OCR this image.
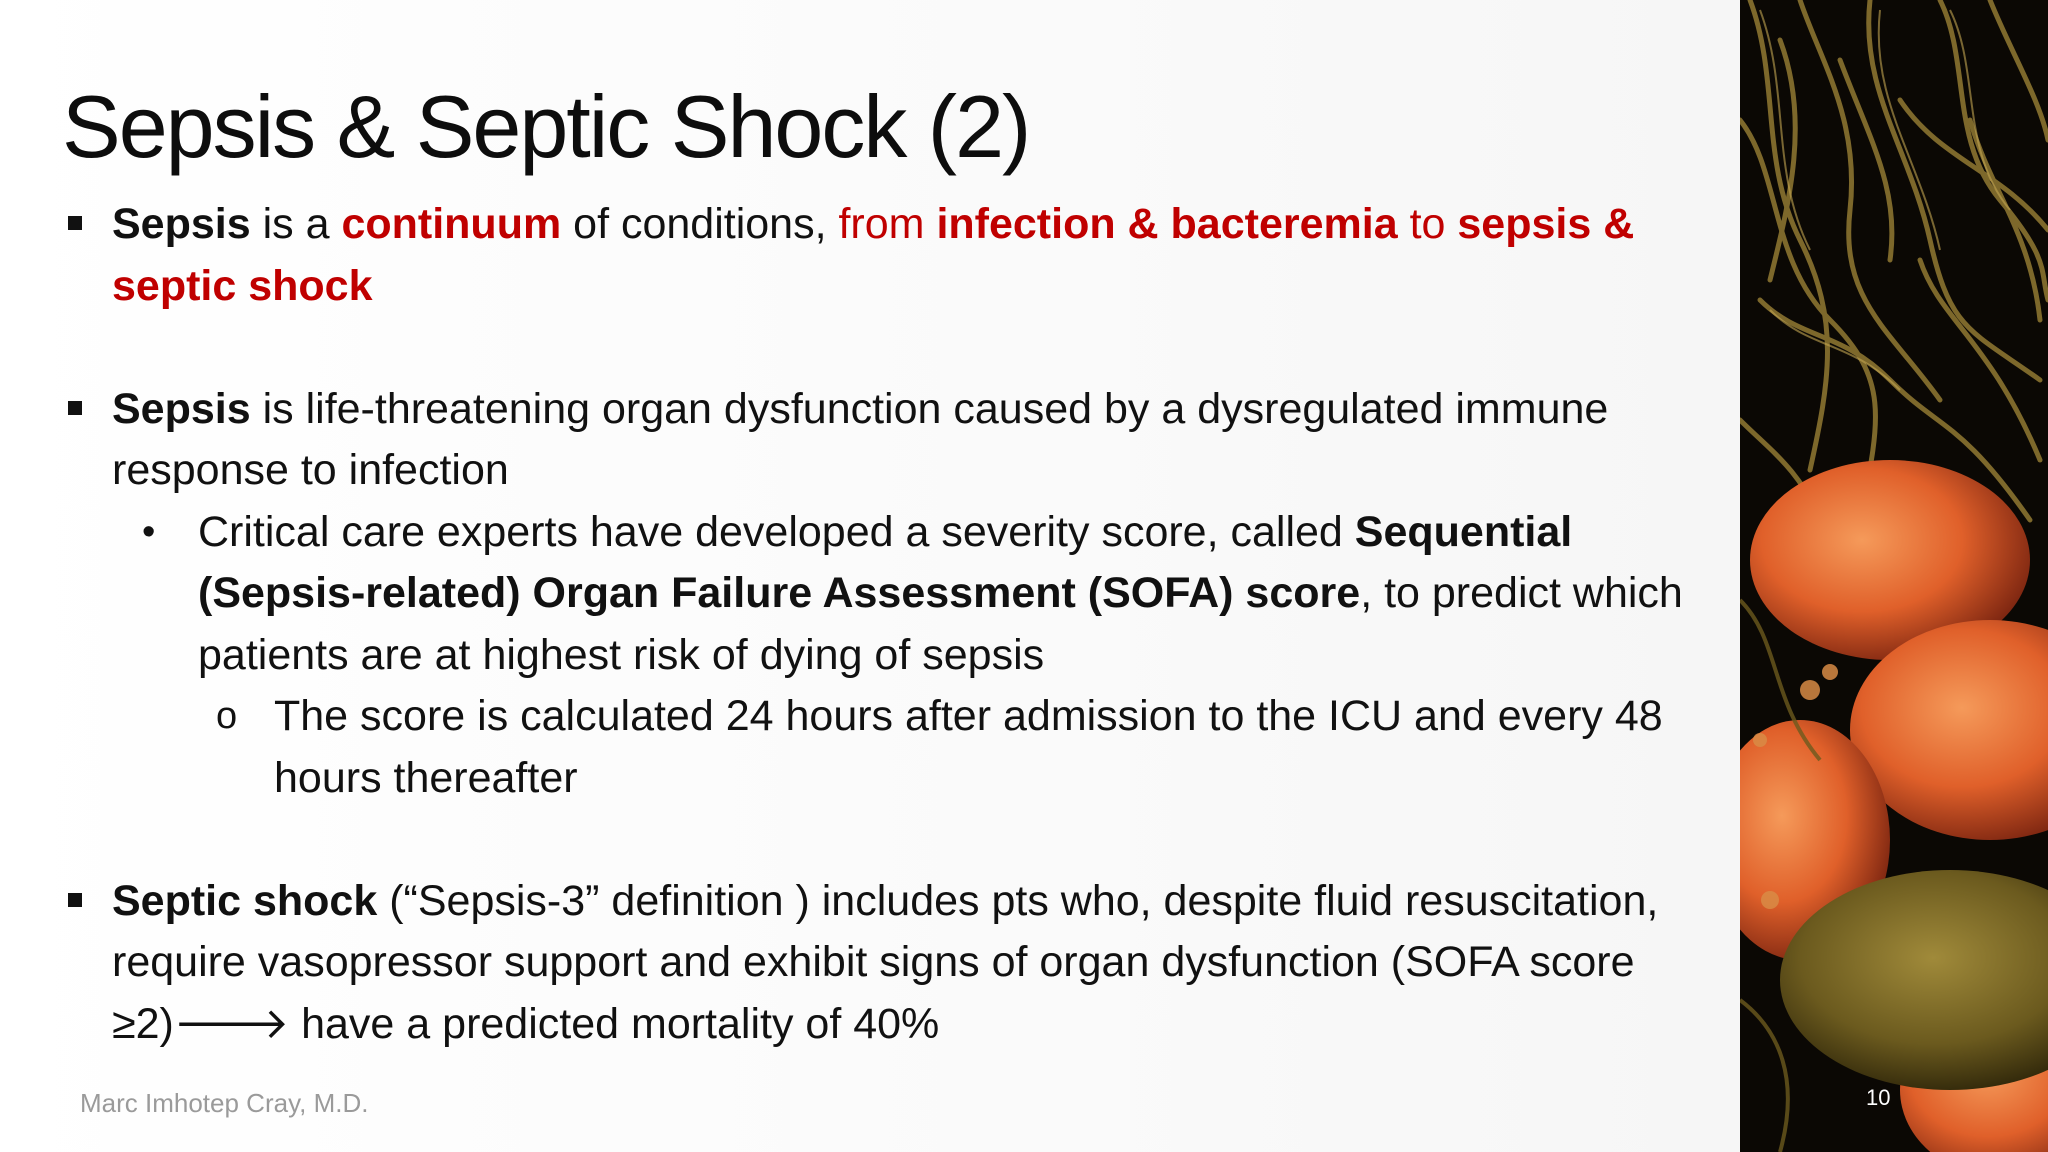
Sepsis & Septic Shock (2)
Sepsis is a continuum of conditions, from infection & bacteremia to sepsis & septic shock
Sepsis is life-threatening organ dysfunction caused by a dysregulated immune response to infection
• Critical care experts have developed a severity score, called Sequential (Sepsis-related) Organ Failure Assessment (SOFA) score, to predict which patients are at highest risk of dying of sepsis
o The score is calculated 24 hours after admission to the ICU and every 48 hours thereafter
Septic shock (“Sepsis-3” definition ) includes pts who, despite fluid resuscitation, require vasopressor support and exhibit signs of organ dysfunction (SOFA score ≥2)🡒 have a predicted mortality of 40%
Marc Imhotep Cray, M.D.	10
